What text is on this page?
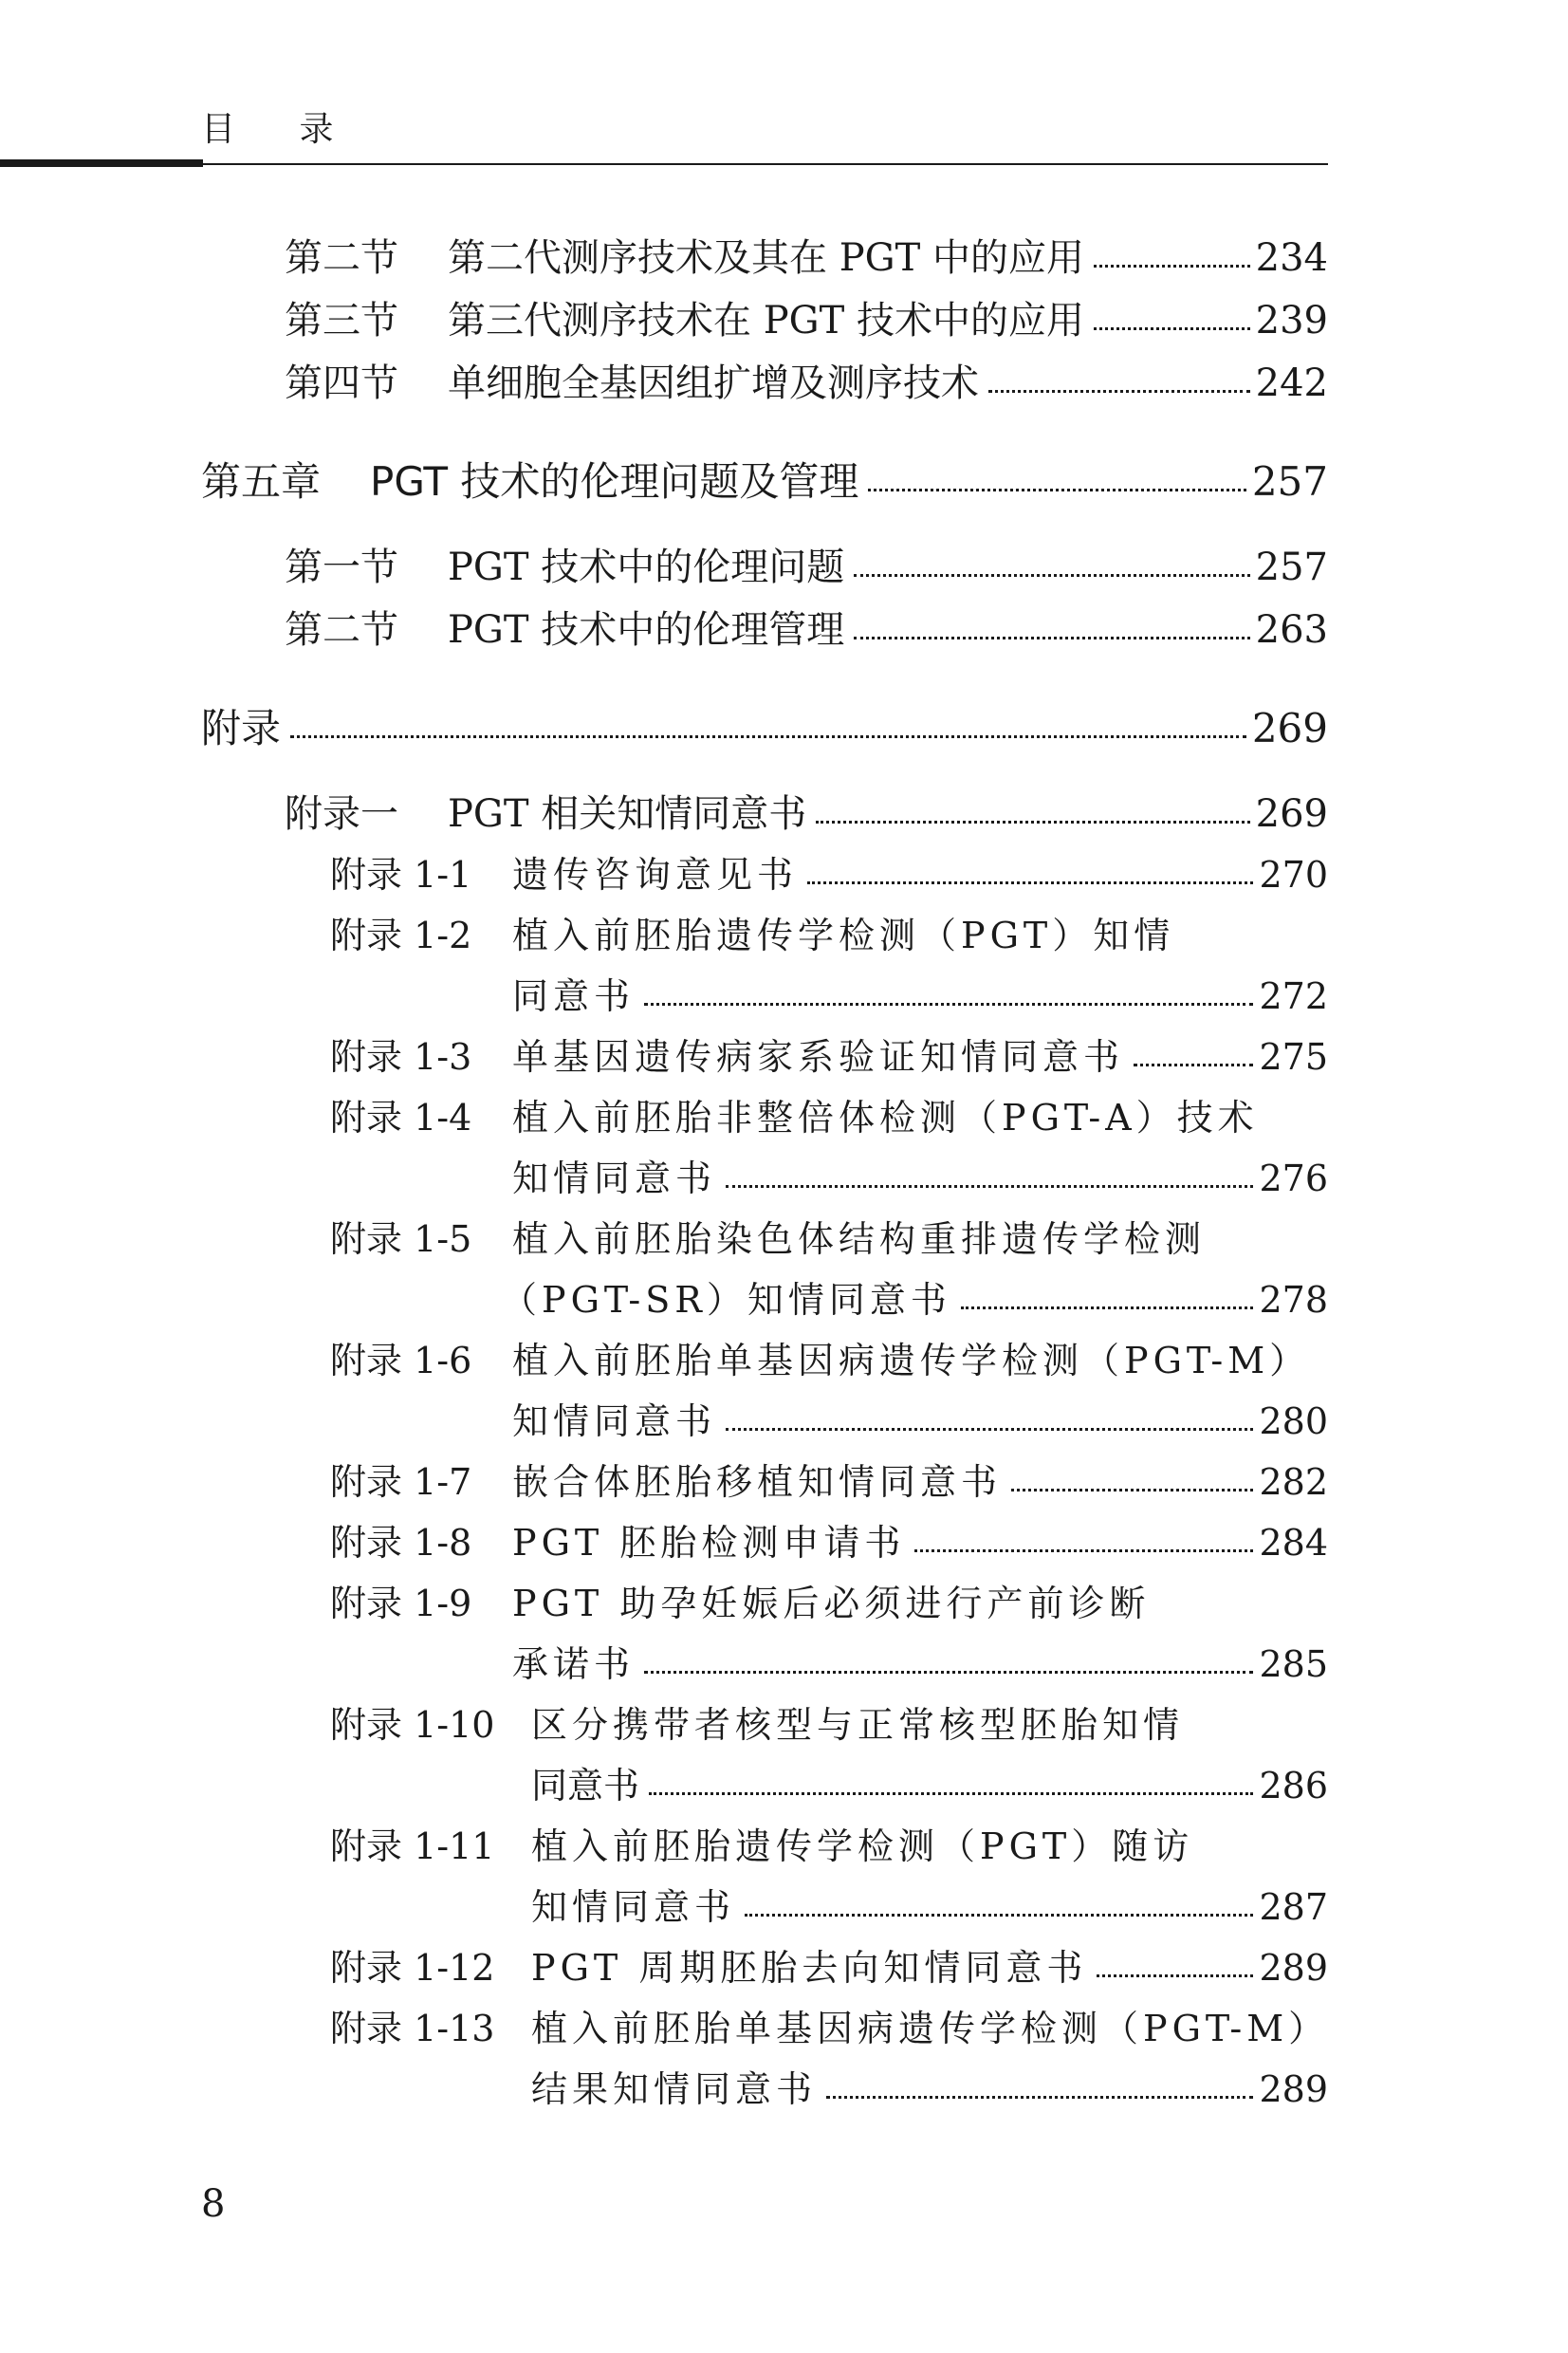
目 录
第二节	第二代测序技术及其在 PGT 中的应用	234
第三节	第三代测序技术在 PGT 技术中的应用	239
第四节	单细胞全基因组扩增及测序技术	242
第五章	PGT 技术的伦理问题及管理	257
第一节	PGT 技术中的伦理问题	257
第二节	PGT 技术中的伦理管理	263
附录	269
附录一	PGT 相关知情同意书	269
附录 1-1	遗传咨询意见书	270
附录 1-2	植入前胚胎遗传学检测（PGT）知情
同意书	272
附录 1-3	单基因遗传病家系验证知情同意书	275
附录 1-4	植入前胚胎非整倍体检测（PGT-A）技术
知情同意书	276
附录 1-5	植入前胚胎染色体结构重排遗传学检测
（PGT-SR）知情同意书	278
附录 1-6	植入前胚胎单基因病遗传学检测（PGT-M）
知情同意书	280
附录 1-7	嵌合体胚胎移植知情同意书	282
附录 1-8	PGT 胚胎检测申请书	284
附录 1-9	PGT 助孕妊娠后必须进行产前诊断
承诺书	285
附录 1-10	区分携带者核型与正常核型胚胎知情
同意书	286
附录 1-11	植入前胚胎遗传学检测（PGT）随访
知情同意书	287
附录 1-12	PGT 周期胚胎去向知情同意书	289
附录 1-13	植入前胚胎单基因病遗传学检测（PGT-M）
结果知情同意书	289
8
